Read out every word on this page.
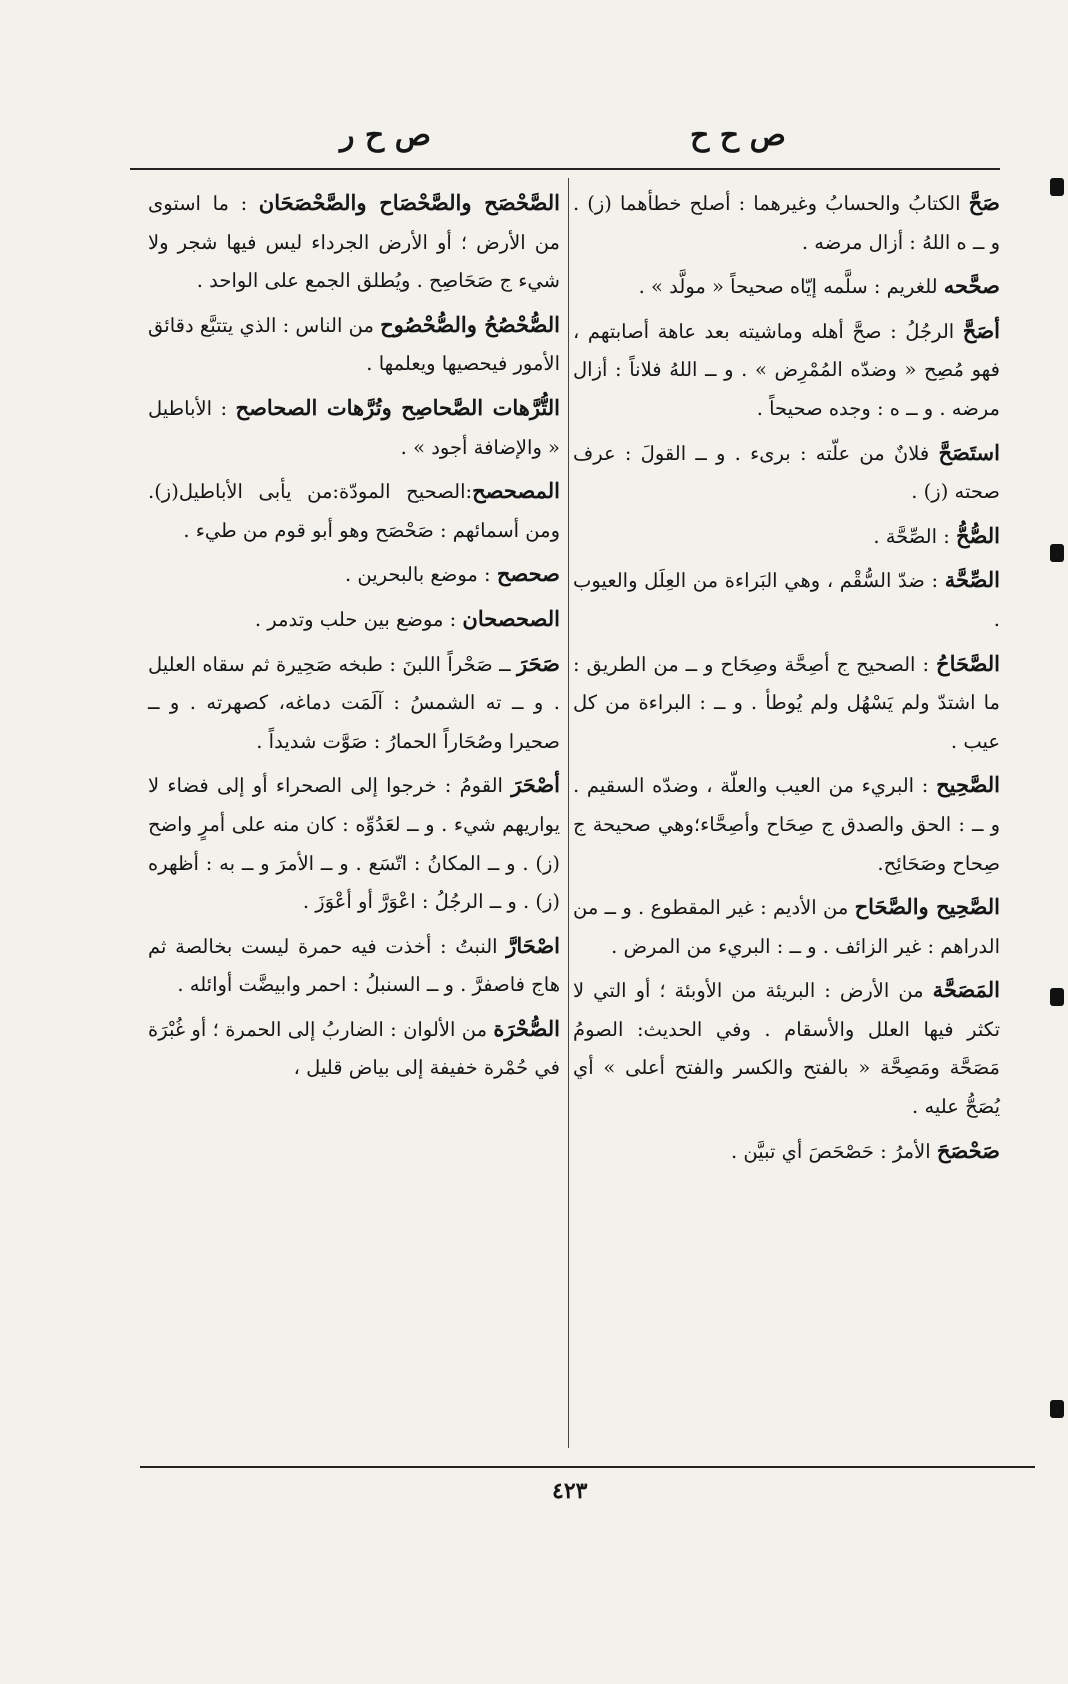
ص ح ح
ص ح ر

صَحَّ الكتابُ والحسابُ وغيرهما : أصلح خطأهما (ز) . و ــ ه اللهُ : أزال مرضه .

صحَّحه للغريم : سلَّمه إيّاه صحيحاً « مولَّد » .

أصَحَّ الرجُلُ : صحَّ أهله وماشيته بعد عاهة أصابتهم ، فهو مُصِح « وضدّه المُمْرِض » . و ــ اللهُ فلاناً : أزال مرضه . و ــ ه : وجده صحيحاً .

استَصَحَّ فلانٌ من علّته : برىء . و ــ القولَ : عرف صحته (ز) .

الصُّحُّ : الصِّحَّة .

الصِّحَّة : ضدّ السُّقْم ، وهي البَراءة من العِلَل والعيوب .

الصَّحَاحُ : الصحيح ج أصِحَّة وصِحَاح و ــ من الطريق : ما اشتدّ ولم يَسْهُل ولم يُوطأ . و ــ : البراءة من كل عيب .

الصَّحِيح : البريء من العيب والعلّة ، وضدّه السقيم . و ــ : الحق والصدق ج صِحَاح وأصِحَّاء؛وهي صحيحة ج صِحاح وصَحَائِح.

الصَّحِيح والصَّحَاح من الأديم : غير المقطوع . و ــ من الدراهم : غير الزائف . و ــ : البريء من المرض .

المَصَحَّة من الأرض : البريئة من الأوبئة ؛ أو التي لا تكثر فيها العلل والأسقام . وفي الحديث: الصومُ مَصَحَّة ومَصِحَّة « بالفتح والكسر والفتح أعلى » أي يُصَحُّ عليه .

صَحْصَحَ الأمرُ : حَصْحَصَ أي تبيَّن .

الصَّحْصَح والصَّحْصَاح والصَّحْصَحَان : ما استوى من الأرض ؛ أو الأرض الجرداء ليس فيها شجر ولا شيء ج صَحَاصِح . ويُطلق الجمع على الواحد .

الصُّحْصُحُ والصُّحْصُوح من الناس : الذي يتتبَّع دقائق الأمور فيحصيها ويعلمها .

التُّرَّهات الصَّحاصِح وتُرَّهات الصحاصح : الأباطيل « والإضافة أجود » .

المصحصح:الصحيح المودّة:من يأبى الأباطيل(ز). ومن أسمائهم : صَحْصَح وهو أبو قوم من طيء .

صحصح : موضع بالبحرين .

الصحصحان : موضع بين حلب وتدمر .

صَحَرَ ــ صَحْراً اللبنَ : طبخه صَحِيرة ثم سقاه العليل . و ــ ته الشمسُ : آلَمَت دماغه، كصهرته . و ــ صحيرا وصُحَاراً الحمارُ : صَوَّت شديداً .

أصْحَرَ القومُ : خرجوا إلى الصحراء أو إلى فضاء لا يواريهم شيء . و ــ لعَدُوِّه : كان منه على أمرٍ واضح (ز) . و ــ المكانُ : اتّسَع . و ــ الأمرَ و ــ به : أظهره (ز) . و ــ الرجُلُ : اعْوَرَّ أو أعْوَزَ .

اصْحَارَّ النبتُ : أخذت فيه حمرة ليست بخالصة ثم هاج فاصفرَّ . و ــ السنبلُ : احمر وابيضَّت أوائله .

الصُّحْرَة من الألوان : الضاربُ إلى الحمرة ؛ أو غُبْرَة في حُمْرة خفيفة إلى بياض قليل ،

٤٢٣
